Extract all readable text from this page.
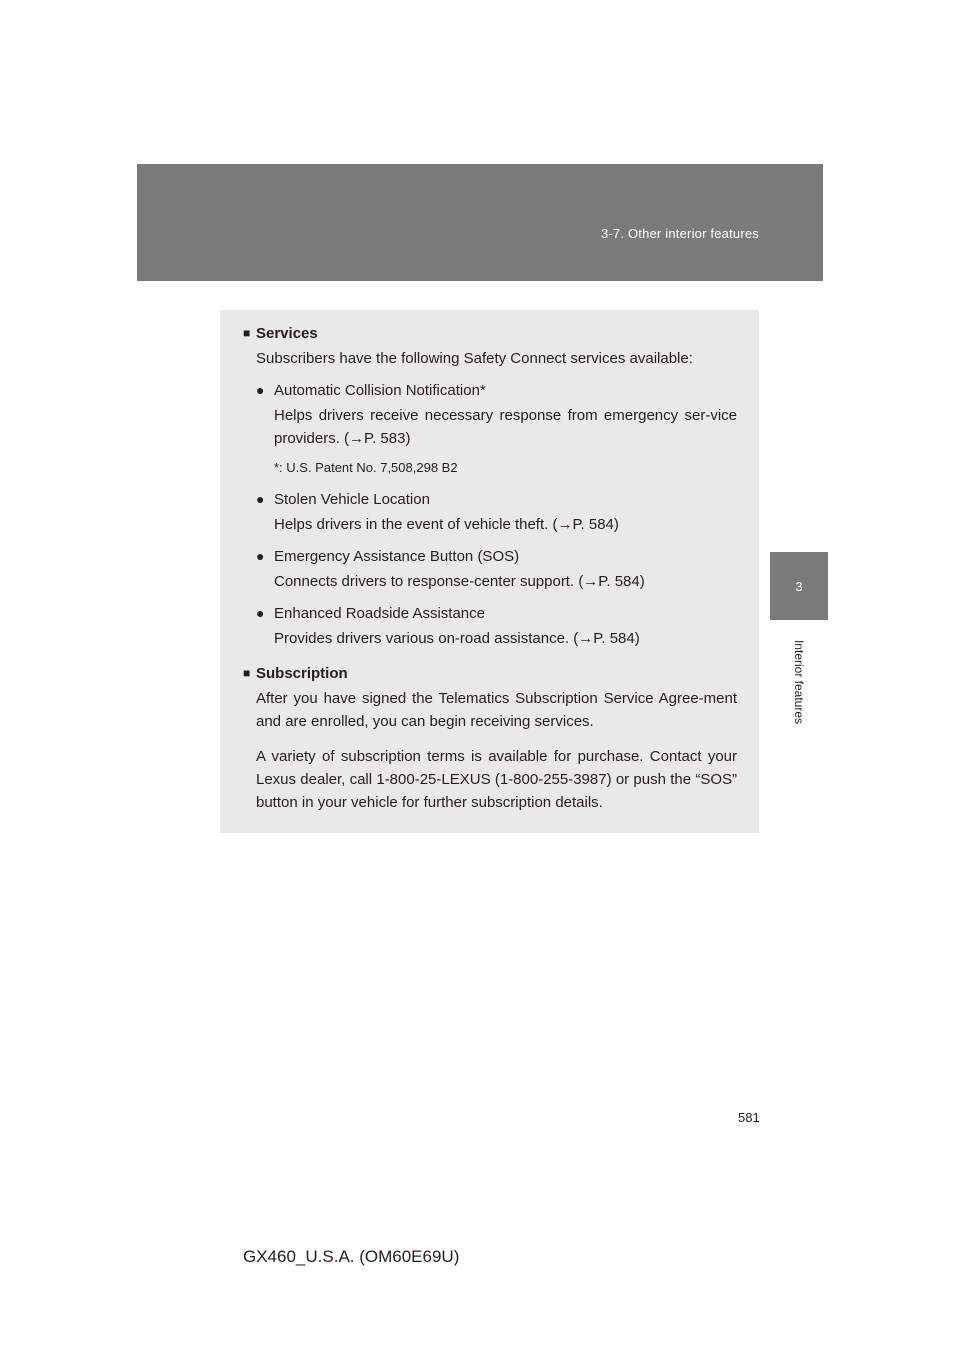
3-7. Other interior features
3
Interior features
■ Services

Subscribers have the following Safety Connect services available:

● Automatic Collision Notification*
Helps drivers receive necessary response from emergency ser-vice providers. (→P. 583)
*: U.S. Patent No. 7,508,298 B2
● Stolen Vehicle Location
Helps drivers in the event of vehicle theft. (→P. 584)
● Emergency Assistance Button (SOS)
Connects drivers to response-center support. (→P. 584)
● Enhanced Roadside Assistance
Provides drivers various on-road assistance. (→P. 584)
■ Subscription

After you have signed the Telematics Subscription Service Agree-ment and are enrolled, you can begin receiving services.

A variety of subscription terms is available for purchase. Contact your Lexus dealer, call 1-800-25-LEXUS (1-800-255-3987) or push the “SOS” button in your vehicle for further subscription details.

581
GX460_U.S.A. (OM60E69U)
